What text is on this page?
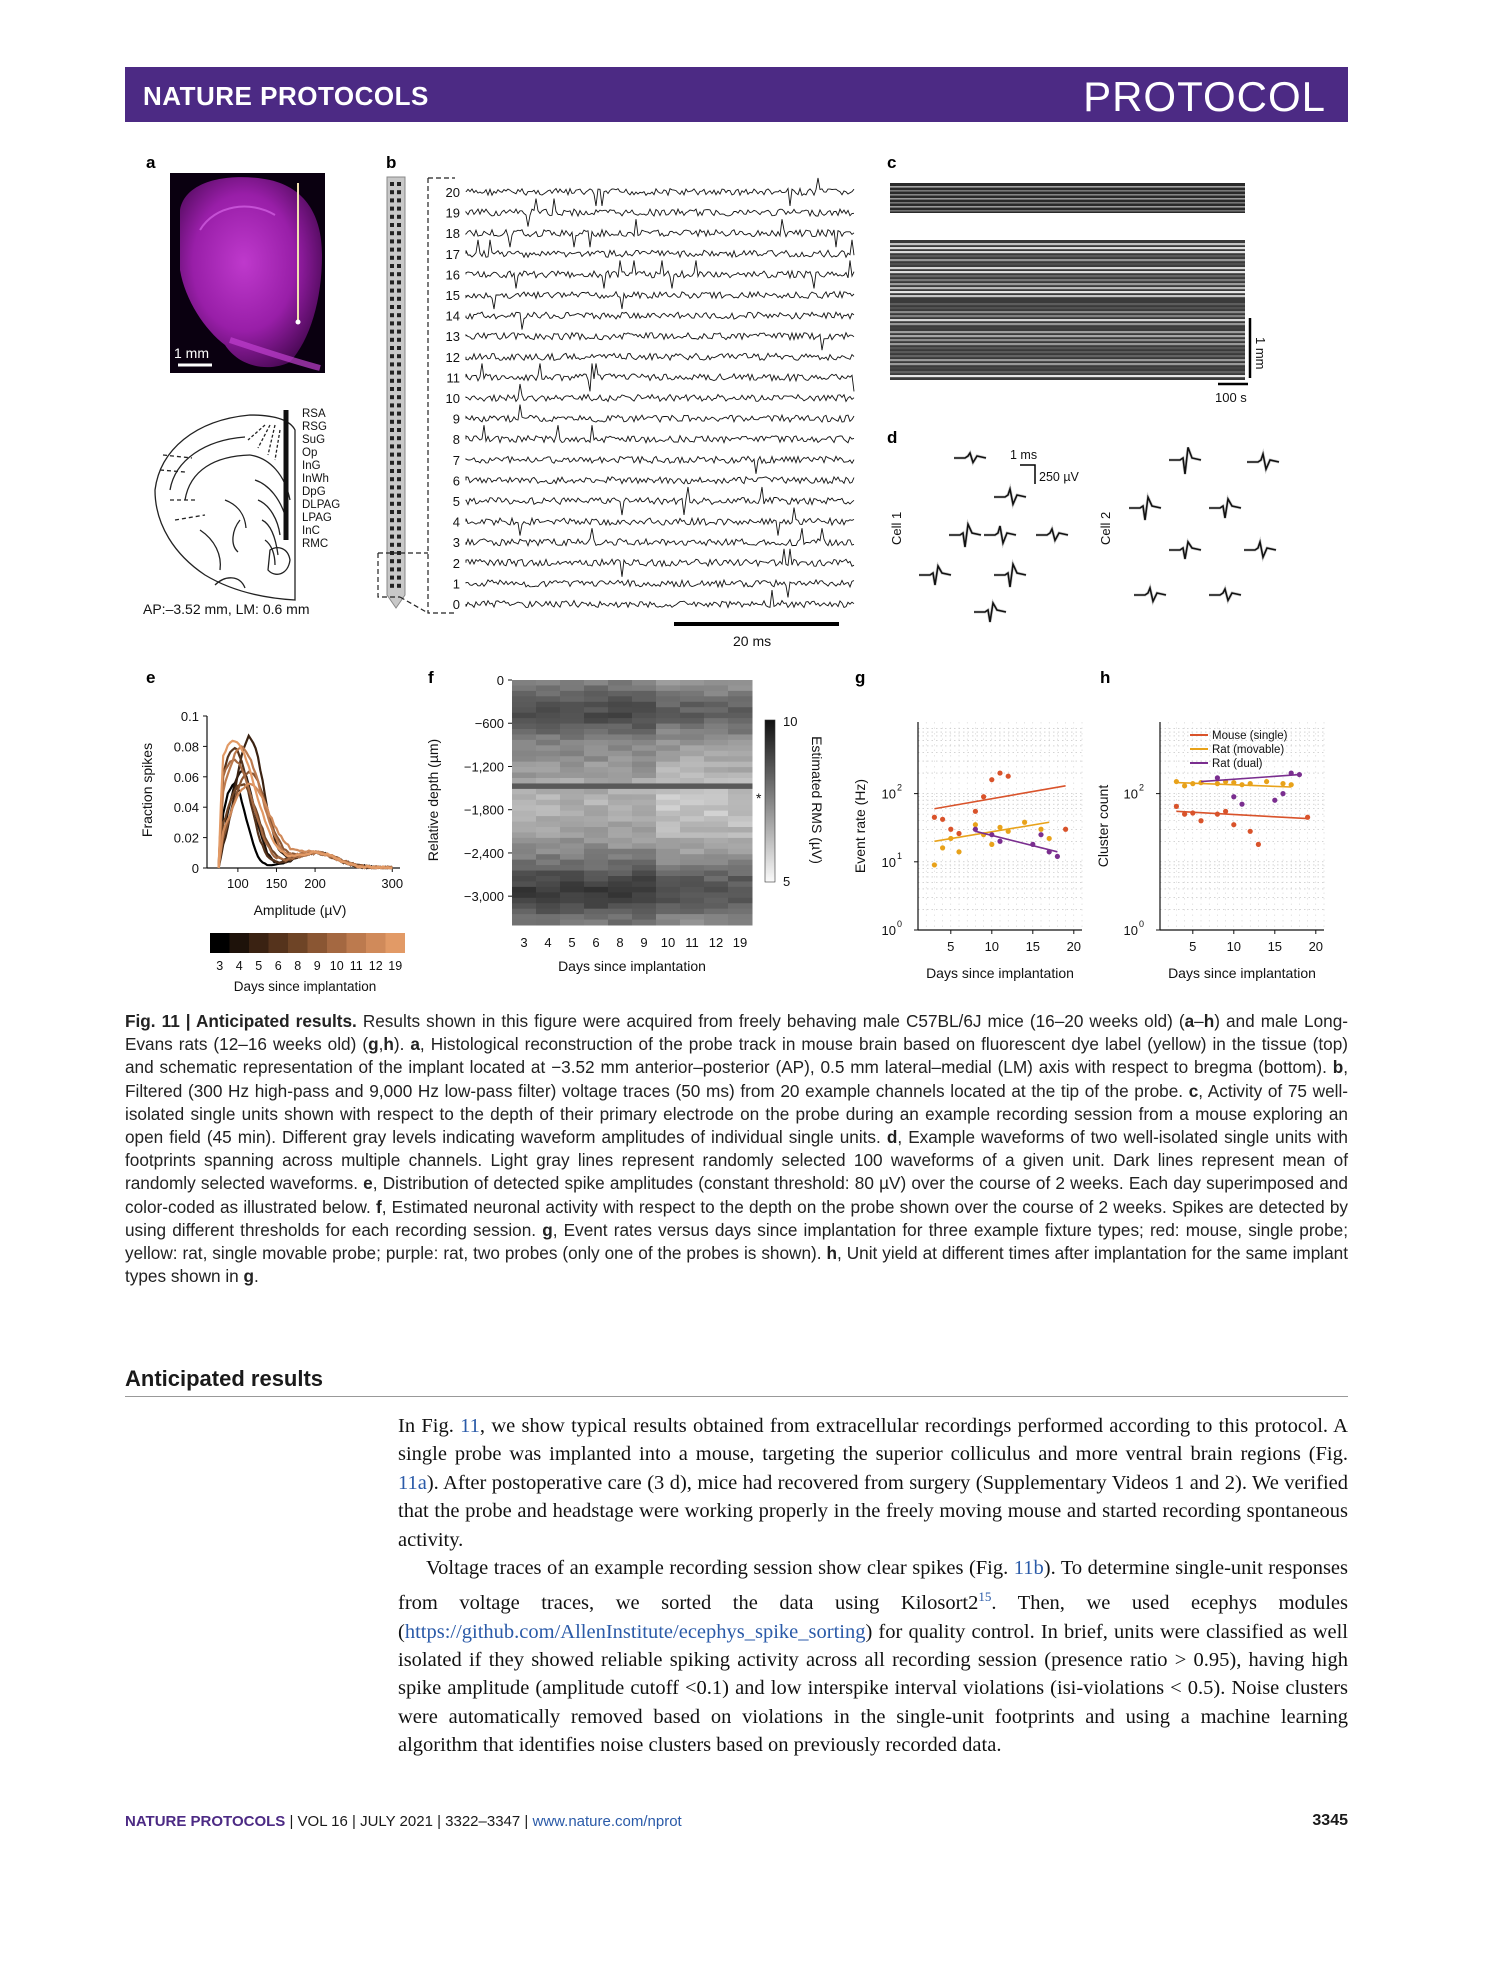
NATURE PROTOCOLS	PROTOCOL
a	b	c
d
e	f	g	h
1 mm
RSA
RSG
SuG
Op
InG
InWh
DpG
DLPAG
LPAG
InC
RMC
AP:–3.52 mm, LM: 0.6 mm
20
19
18
17
16
15
14
13
12
11
10
9
8
7
6
5
4
3
2
1
0
20 ms
1 mm
100 s
Cell 1	Cell 2
1 ms
250 µV
0
0.02
0.04
0.06
0.08
0.1
100 150 200	300
Amplitude (µV)
Fraction spikes
3 4 5 6 8 9 10 11 12 19
Days since implantation
0
−600
−1,200
−1,800
−2,400
−3,000
3 4 5 6 8 9 10 11 12 19
Days since implantation
Relative depth (µm)
10
5
Estimated RMS (µV)
*
5 10 15 20
10 0
10 1
10 2
Days since implantation
Event rate (Hz)
5 10 15 20
10 0
10 2
Days since implantation
Cluster count
Mouse (single)
Rat (movable)
Rat (dual)
Fig. 11 | Anticipated results. Results shown in this figure were acquired from freely behaving male C57BL/6J mice (16–20 weeks old) (a–h) and male Long-Evans rats (12–16 weeks old) (g,h). a, Histological reconstruction of the probe track in mouse brain based on fluorescent dye label (yellow) in the tissue (top) and schematic representation of the implant located at −3.52 mm anterior–posterior (AP), 0.5 mm lateral–medial (LM) axis with respect to bregma (bottom). b, Filtered (300 Hz high-pass and 9,000 Hz low-pass filter) voltage traces (50 ms) from 20 example channels located at the tip of the probe. c, Activity of 75 well-isolated single units shown with respect to the depth of their primary electrode on the probe during an example recording session from a mouse exploring an open field (45 min). Different gray levels indicating waveform amplitudes of individual single units. d, Example waveforms of two well-isolated single units with footprints spanning across multiple channels. Light gray lines represent randomly selected 100 waveforms of a given unit. Dark lines represent mean of randomly selected waveforms. e, Distribution of detected spike amplitudes (constant threshold: 80 µV) over the course of 2 weeks. Each day superimposed and color-coded as illustrated below. f, Estimated neuronal activity with respect to the depth on the probe shown over the course of 2 weeks. Spikes are detected by using different thresholds for each recording session. g, Event rates versus days since implantation for three example fixture types; red: mouse, single probe; yellow: rat, single movable probe; purple: rat, two probes (only one of the probes is shown). h, Unit yield at different times after implantation for the same implant types shown in g.
Anticipated results

In Fig. 11, we show typical results obtained from extracellular recordings performed according to this protocol. A single probe was implanted into a mouse, targeting the superior colliculus and more ventral brain regions (Fig. 11a). After postoperative care (3 d), mice had recovered from surgery (Supplementary Videos 1 and 2). We verified that the probe and headstage were working properly in the freely moving mouse and started recording spontaneous activity.

Voltage traces of an example recording session show clear spikes (Fig. 11b). To determine single-unit responses from voltage traces, we sorted the data using $Kilosort2^{15}$. Then, we used ecephys modules (https://github.com/AllenInstitute/ecephys_spike_sorting) for quality control. In brief, units were classified as well isolated if they showed reliable spiking activity across all recording session (presence ratio > 0.95), having high spike amplitude (amplitude cutoff <0.1) and low interspike interval violations (isi-violations < 0.5). Noise clusters were automatically removed based on violations in the single-unit footprints and using a machine learning algorithm that identifies noise clusters based on previously recorded data.

NATURE PROTOCOLS | VOL 16 | JULY 2021 | 3322–3347 | www.nature.com/nprot	3345
